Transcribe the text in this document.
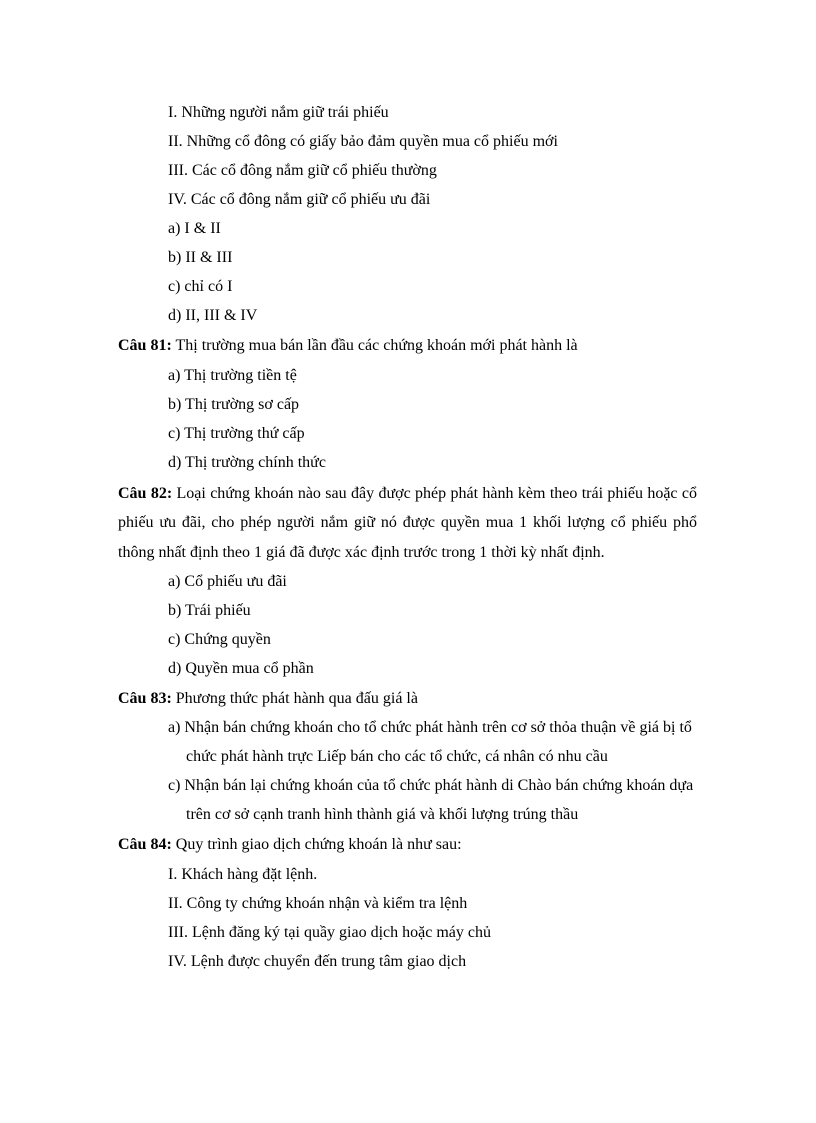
I. Những người nắm giữ trái phiếu
II. Những cổ đông có giấy bảo đảm quyền mua cổ phiếu mới
III. Các cổ đông nắm giữ cổ phiếu thường
IV. Các cổ đông nắm giữ cổ phiếu ưu đãi
a) I & II
b) II & III
c) chỉ có I
d) II, III & IV
Câu 81: Thị trường mua bán lần đầu các chứng khoán mới phát hành là
a) Thị trường tiền tệ
b) Thị trường sơ cấp
c) Thị trường thứ cấp
d) Thị trường chính thức
Câu 82: Loại chứng khoán nào sau đây được phép phát hành kèm theo trái phiếu hoặc cổ phiếu ưu đãi, cho phép người nắm giữ nó được quyền mua 1 khối lượng cổ phiếu phổ thông nhất định theo 1 giá đã được xác định trước trong 1 thời kỳ nhất định.
a) Cổ phiếu ưu đãi
b) Trái phiếu
c) Chứng quyền
d) Quyền mua cổ phần
Câu 83: Phương thức phát hành qua đấu giá là
a) Nhận bán chứng khoán cho tổ chức phát hành trên cơ sở thỏa thuận về giá bị tổ
chức phát hành trực Liếp bán cho các tổ chức, cá nhân có nhu cầu
c) Nhận bán lại chứng khoán của tổ chức phát hành di Chào bán chứng khoán dựa
trên cơ sở cạnh tranh hình thành giá và khối lượng trúng thầu
Câu 84: Quy trình giao dịch chứng khoán là như sau:
I. Khách hàng đặt lệnh.
II. Công ty chứng khoán nhận và kiểm tra lệnh
III. Lệnh đăng ký tại quầy giao dịch hoặc máy chủ
IV. Lệnh được chuyển đến trung tâm giao dịch
